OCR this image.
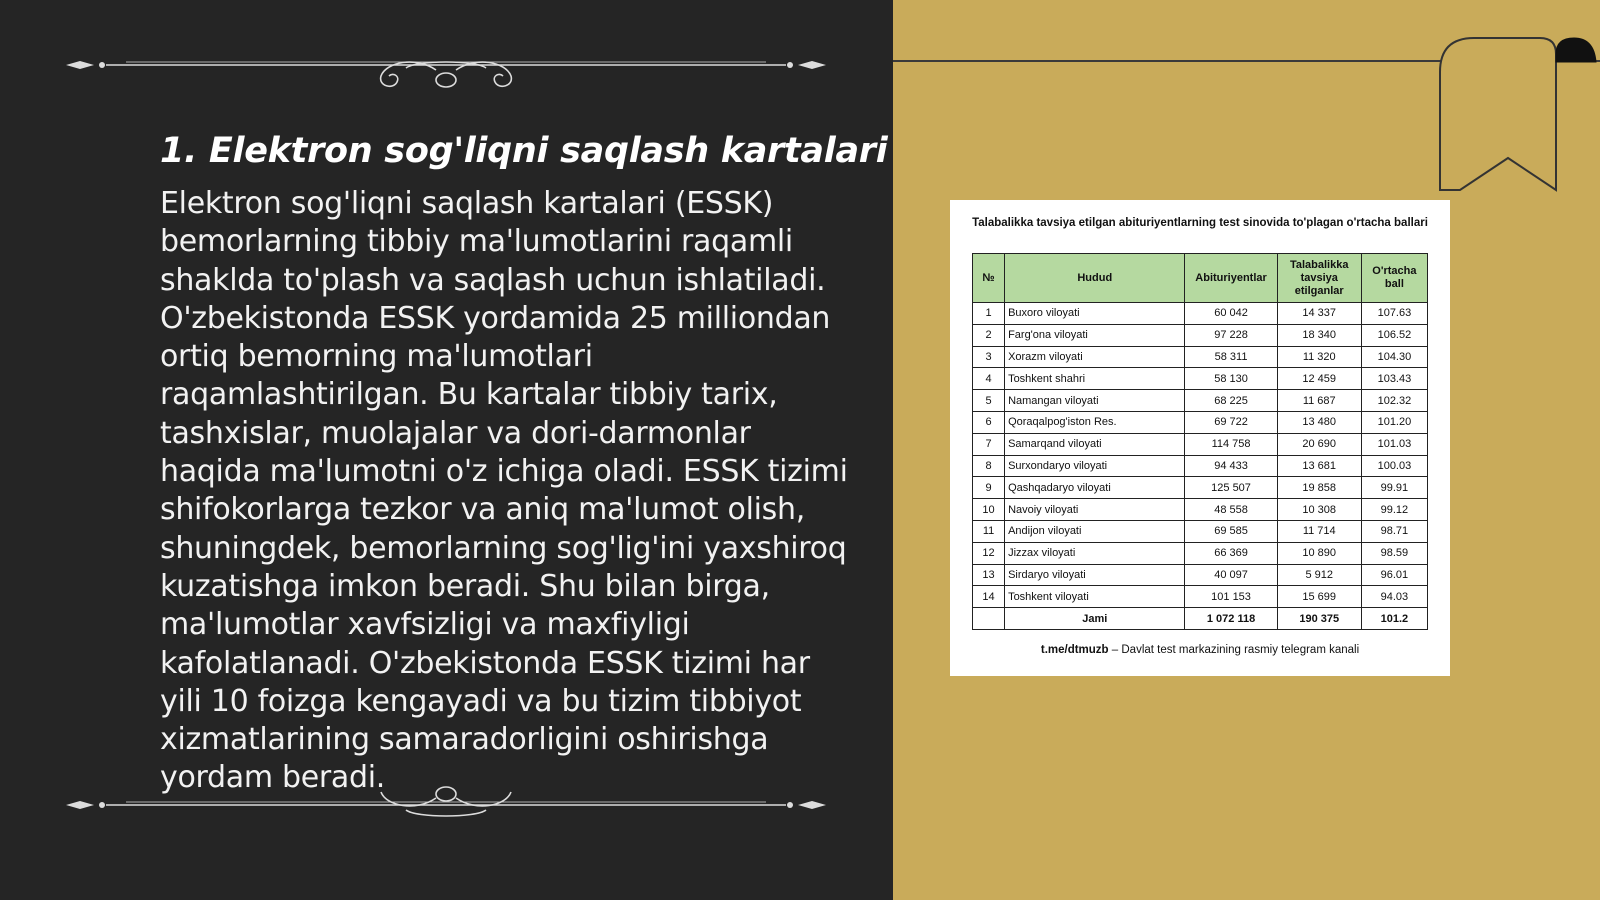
1. Elektron sog'liqni saqlash kartalari

Elektron sog'liqni saqlash kartalari (ESSK) bemorlarning tibbiy ma'lumotlarini raqamli shaklda to'plash va saqlash uchun ishlatiladi. O'zbekistonda ESSK yordamida 25 milliondan ortiq bemorning ma'lumotlari raqamlashtirilgan. Bu kartalar tibbiy tarix, tashxislar, muolajalar va dori-darmonlar haqida ma'lumotni o'z ichiga oladi. ESSK tizimi shifokorlarga tezkor va aniq ma'lumot olish, shuningdek, bemorlarning sog'lig'ini yaxshiroq kuzatishga imkon beradi. Shu bilan birga, ma'lumotlar xavfsizligi va maxfiyligi kafolatlanadi. O'zbekistonda ESSK tizimi har yili 10 foizga kengayadi va bu tizim tibbiyot xizmatlarining samaradorligini oshirishga yordam beradi.

Talabalikka tavsiya etilgan abituriyentlarning test sinovida to'plagan o'rtacha ballari
№	Hudud	Abituriyentlar	Talabalikka tavsiya etilganlar	O'rtacha ball
1	Buxoro viloyati	60 042	14 337	107.63
2	Farg'ona viloyati	97 228	18 340	106.52
3	Xorazm viloyati	58 311	11 320	104.30
4	Toshkent shahri	58 130	12 459	103.43
5	Namangan viloyati	68 225	11 687	102.32
6	Qoraqalpog'iston Res.	69 722	13 480	101.20
7	Samarqand viloyati	114 758	20 690	101.03
8	Surxondaryo viloyati	94 433	13 681	100.03
9	Qashqadaryo viloyati	125 507	19 858	99.91
10	Navoiy viloyati	48 558	10 308	99.12
11	Andijon viloyati	69 585	11 714	98.71
12	Jizzax viloyati	66 369	10 890	98.59
13	Sirdaryo viloyati	40 097	5 912	96.01
14	Toshkent viloyati	101 153	15 699	94.03
	Jami	1 072 118	190 375	101.2
t.me/dtmuzb – Davlat test markazining rasmiy telegram kanali
